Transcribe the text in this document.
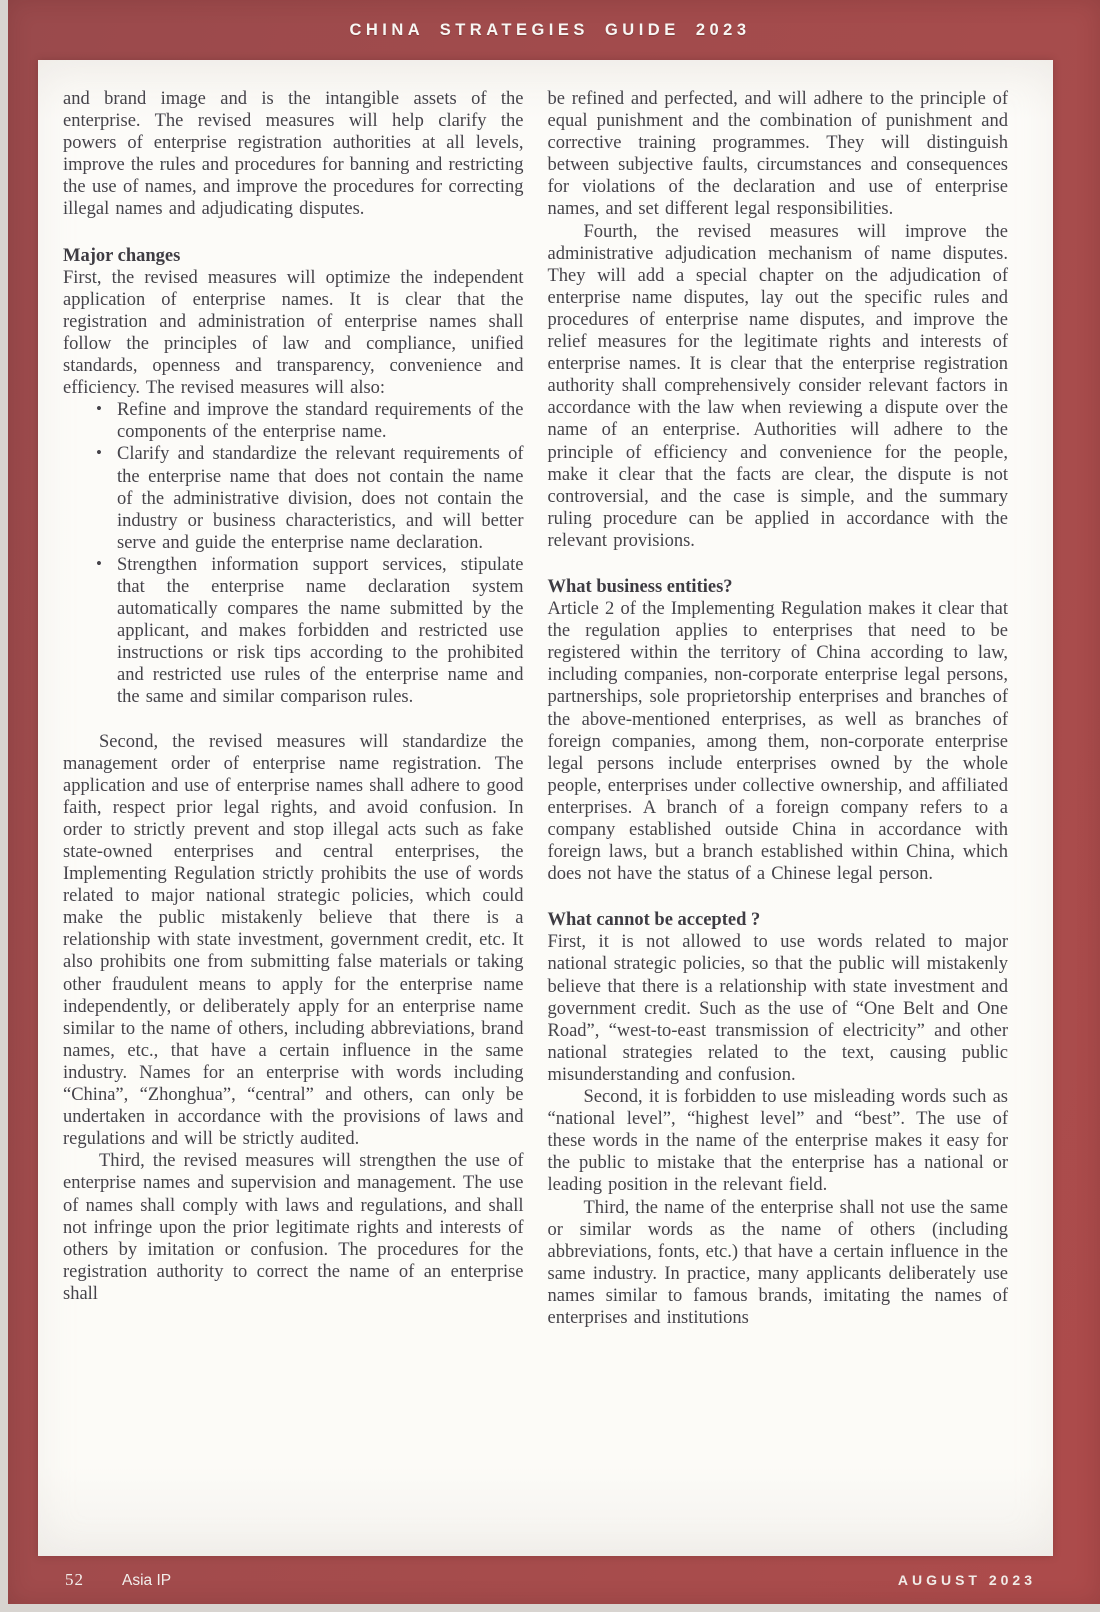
CHINA STRATEGIES GUIDE 2023

and brand image and is the intangible assets of the enterprise. The revised measures will help clarify the powers of enterprise registration authorities at all levels, improve the rules and procedures for banning and restricting the use of names, and improve the procedures for correcting illegal names and adjudicating disputes.

Major changes

First, the revised measures will optimize the independent application of enterprise names. It is clear that the registration and administration of enterprise names shall follow the principles of law and compliance, unified standards, openness and transparency, convenience and efficiency. The revised measures will also:

• Refine and improve the standard requirements of the components of the enterprise name.
• Clarify and standardize the relevant requirements of the enterprise name that does not contain the name of the administrative division, does not contain the industry or business characteristics, and will better serve and guide the enterprise name declaration.
• Strengthen information support services, stipulate that the enterprise name declaration system automatically compares the name submitted by the applicant, and makes forbidden and restricted use instructions or risk tips according to the prohibited and restricted use rules of the enterprise name and the same and similar comparison rules.

Second, the revised measures will standardize the management order of enterprise name registration. The application and use of enterprise names shall adhere to good faith, respect prior legal rights, and avoid confusion. In order to strictly prevent and stop illegal acts such as fake state-owned enterprises and central enterprises, the Implementing Regulation strictly prohibits the use of words related to major national strategic policies, which could make the public mistakenly believe that there is a relationship with state investment, government credit, etc. It also prohibits one from submitting false materials or taking other fraudulent means to apply for the enterprise name independently, or deliberately apply for an enterprise name similar to the name of others, including abbreviations, brand names, etc., that have a certain influence in the same industry. Names for an enterprise with words including “China”, “Zhonghua”, “central” and others, can only be undertaken in accordance with the provisions of laws and regulations and will be strictly audited.

Third, the revised measures will strengthen the use of enterprise names and supervision and management. The use of names shall comply with laws and regulations, and shall not infringe upon the prior legitimate rights and interests of others by imitation or confusion. The procedures for the registration authority to correct the name of an enterprise shall

be refined and perfected, and will adhere to the principle of equal punishment and the combination of punishment and corrective training programmes. They will distinguish between subjective faults, circumstances and consequences for violations of the declaration and use of enterprise names, and set different legal responsibilities.

Fourth, the revised measures will improve the administrative adjudication mechanism of name disputes. They will add a special chapter on the adjudication of enterprise name disputes, lay out the specific rules and procedures of enterprise name disputes, and improve the relief measures for the legitimate rights and interests of enterprise names. It is clear that the enterprise registration authority shall comprehensively consider relevant factors in accordance with the law when reviewing a dispute over the name of an enterprise. Authorities will adhere to the principle of efficiency and convenience for the people, make it clear that the facts are clear, the dispute is not controversial, and the case is simple, and the summary ruling procedure can be applied in accordance with the relevant provisions.

What business entities?

Article 2 of the Implementing Regulation makes it clear that the regulation applies to enterprises that need to be registered within the territory of China according to law, including companies, non-corporate enterprise legal persons, partnerships, sole proprietorship enterprises and branches of the above-mentioned enterprises, as well as branches of foreign companies, among them, non-corporate enterprise legal persons include enterprises owned by the whole people, enterprises under collective ownership, and affiliated enterprises. A branch of a foreign company refers to a company established outside China in accordance with foreign laws, but a branch established within China, which does not have the status of a Chinese legal person.

What cannot be accepted ?

First, it is not allowed to use words related to major national strategic policies, so that the public will mistakenly believe that there is a relationship with state investment and government credit. Such as the use of “One Belt and One Road”, “west-to-east transmission of electricity” and other national strategies related to the text, causing public misunderstanding and confusion.

Second, it is forbidden to use misleading words such as “national level”, “highest level” and “best”. The use of these words in the name of the enterprise makes it easy for the public to mistake that the enterprise has a national or leading position in the relevant field.

Third, the name of the enterprise shall not use the same or similar words as the name of others (including abbreviations, fonts, etc.) that have a certain influence in the same industry. In practice, many applicants deliberately use names similar to famous brands, imitating the names of enterprises and institutions

52 Asia IP	AUGUST 2023
